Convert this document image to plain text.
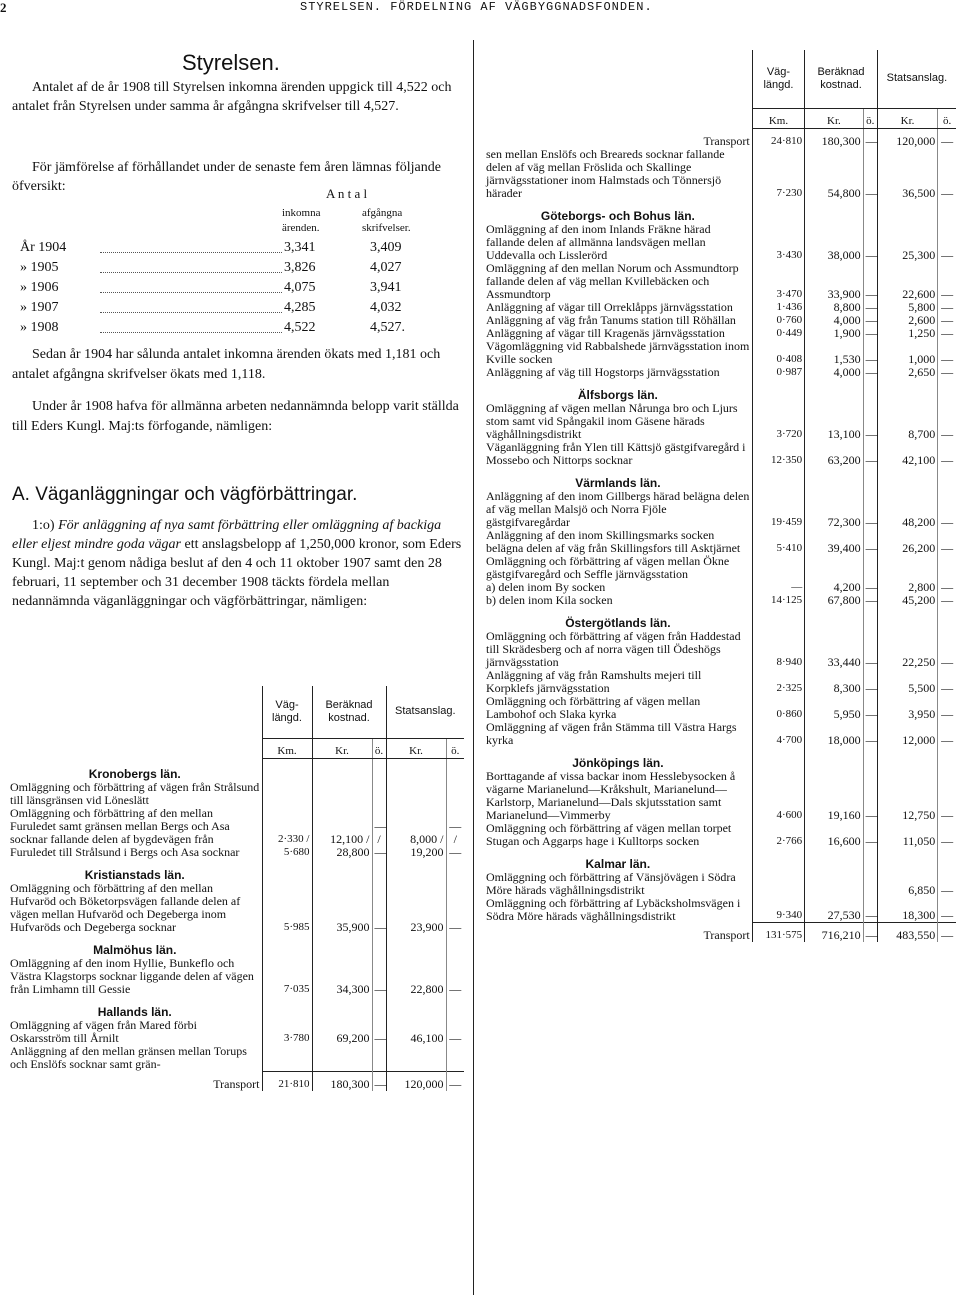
2	STYRELSEN. FÖRDELNING AF VÄGBYGGNADSFONDEN.
Styrelsen.
Antalet af de år 1908 till Styrelsen inkomna ärenden uppgick till 4,522 och antalet från Styrelsen under samma år afgångna skrifvelser till 4,527.
För jämförelse af förhållandet under de senaste fem åren lämnas följande öfversikt:	A n t a l
inkomna ärenden.
afgångna skrifvelser.
År 1904	3,341	3,409
» 1905	3,826	4,027
» 1906	4,075	3,941
» 1907	4,285	4,032
» 1908	4,522	4,527.
Sedan år 1904 har sålunda antalet inkomna ärenden ökats med 1,181 och antalet afgångna skrifvelser ökats med 1,118.
Under år 1908 hafva för allmänna arbeten nedannämnda belopp varit ställda till Eders Kungl. Maj:ts förfogande, nämligen:
A. Väganläggningar och vägförbättringar.
1:o) För anläggning af nya samt förbättring eller omläggning af backiga eller eljest mindre goda vägar ett anslagsbelopp af 1,250,000 kronor, som Eders Kungl. Maj:t genom nådiga beslut af den 4 och 11 oktober 1907 samt den 28 februari, 11 september och 31 december 1908 täckts fördela mellan nedannämnda väganläggningar och vägförbättringar, nämligen:
	Väg-längd.	Beräknad kostnad.		Statsanslag.	
	Km.	Kr.	ö.	Kr.	ö.
Kronobergs län.					
Omläggning och förbättring af vägen från Strålsund till länsgränsen vid Löneslätt					
Omläggning och förbättring af den mellan Furuledet samt gränsen mellan Bergs och Asa socknar fallande delen af bygdevägen från Furuledet till Strålsund i Bergs och Asa socknar	2·330 / 5·680	12,100 / 28,800	— / —	8,000 / 19,200	— / —
Kristianstads län.					
Omläggning och förbättring af den mellan Hufvaröd och Böketorpsvägen fallande delen af vägen mellan Hufvaröd och Degeberga inom Hufvaröds och Degeberga socknar	5·985	35,900	—	23,900	—
Malmöhus län.					
Omläggning af den inom Hyllie, Bunkeflo och Västra Klagstorps socknar liggande delen af vägen från Limhamn till Gessie	7·035	34,300	—	22,800	—
Hallands län.					
Omläggning af vägen från Mared förbi Oskarsström till Årnilt	3·780	69,200	—	46,100	—
Anläggning af den mellan gränsen mellan Torups och Enslöfs socknar samt grän-					
Transport	21·810	180,300	—	120,000	—
	Väg-längd.	Beräknad kostnad.		Statsanslag.	
	Km.	Kr.	ö.	Kr.	ö.
Transport	24·810	180,300	—	120,000	—
sen mellan Enslöfs och Breareds socknar fallande delen af väg mellan Fröslida och Skallinge järnvägsstationer inom Halmstads och Tönnersjö härader	7·230	54,800	—	36,500	—
Göteborgs- och Bohus län.					
Omläggning af den inom Inlands Fräkne härad fallande delen af allmänna landsvägen mellan Uddevalla och Lisslerörd	3·430	38,000	—	25,300	—
Omläggning af den mellan Norum och Assmundtorp fallande delen af väg mellan Kvillebäcken och Assmundtorp	3·470	33,900	—	22,600	—
Anläggning af vägar till Orreklåpps järnvägsstation	1·436	8,800	—	5,800	—
Anläggning af väg från Tanums station till Röhällan	0·760	4,000	—	2,600	—
Anläggning af vägar till Kragenäs järnvägsstation	0·449	1,900	—	1,250	—
Vägomläggning vid Rabbalshede järnvägsstation inom Kville socken	0·408	1,530	—	1,000	—
Anläggning af väg till Hogstorps järnvägsstation	0·987	4,000	—	2,650	—
Älfsborgs län.					
Omläggning af vägen mellan Nårunga bro och Ljurs stom samt vid Spångakil inom Gäsene härads väghållningsdistrikt	3·720	13,100	—	8,700	—
Väganläggning från Ylen till Kättsjö gästgifvaregård i Mossebo och Nittorps socknar	12·350	63,200	—	42,100	—
Värmlands län.					
Anläggning af den inom Gillbergs härad belägna delen af väg mellan Malsjö och Norra Fjöle gästgifvaregårdar	19·459	72,300	—	48,200	—
Anläggning af den inom Skillingsmarks socken belägna delen af väg från Skillingsfors till Asktjärnet	5·410	39,400	—	26,200	—
Omläggning och förbättring af vägen mellan Ökne gästgifvaregård och Seffle järnvägsstation					
a) delen inom By socken	—	4,200	—	2,800	—
b) delen inom Kila socken	14·125	67,800	—	45,200	—
Östergötlands län.					
Omläggning och förbättring af vägen från Haddestad till Skrädesberg och af norra vägen till Ödeshögs järnvägsstation	8·940	33,440	—	22,250	—
Anläggning af väg från Ramshults mejeri till Korpklefs järnvägsstation	2·325	8,300	—	5,500	—
Omläggning och förbättring af vägen mellan Lambohof och Slaka kyrka	0·860	5,950	—	3,950	—
Omläggning af vägen från Stämma till Västra Hargs kyrka	4·700	18,000	—	12,000	—
Jönköpings län.					
Borttagande af vissa backar inom Hesslebysocken å vägarne Marianelund—Kråkshult, Marianelund—Karlstorp, Marianelund—Dals skjutsstation samt Marianelund—Vimmerby	4·600	19,160	—	12,750	—
Omläggning och förbättring af vägen mellan torpet Stugan och Aggarps hage i Kulltorps socken	2·766	16,600	—	11,050	—
Kalmar län.					
Omläggning och förbättring af Vänsjövägen i Södra Möre härads väghållningsdistrikt				6,850	—
Omläggning och förbättring af Lybäcksholmsvägen i Södra Möre härads väghållningsdistrikt	9·340	27,530	—	18,300	—
Transport	131·575	716,210	—	483,550	—
